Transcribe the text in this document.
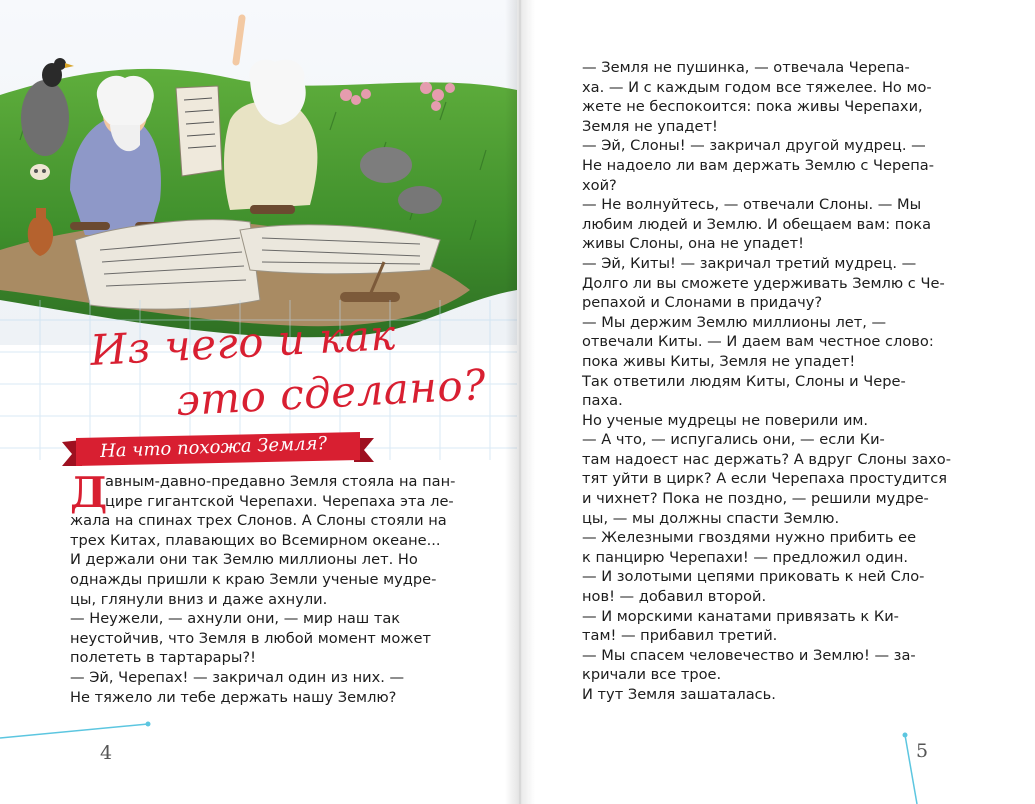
Из чего и как
это сделано?
На что похожа Земля?
Д
авным-давно-предавно Земля стояла на пан-
цире гигантской Черепахи. Черепаха эта ле-
жала на спинах трех Слонов. А Слоны стояли на
трех Китах, плавающих во Всемирном океане...
И держали они так Землю миллионы лет. Но
однажды пришли к краю Земли ученые мудре-
цы, глянули вниз и даже ахнули.
— Неужели, — ахнули они, — мир наш так
неустойчив, что Земля в любой момент может
полететь в тартарары?!
— Эй, Черепах! — закричал один из них. —
Не тяжело ли тебе держать нашу Землю?
4	5
— Земля не пушинка, — отвечала Черепа-
ха. — И с каждым годом все тяжелее. Но мо-
жете не беспокоится: пока живы Черепахи,
Земля не упадет!
— Эй, Слоны! — закричал другой мудрец. —
Не надоело ли вам держать Землю с Черепа-
хой?
— Не волнуйтесь, — отвечали Слоны. — Мы
любим людей и Землю. И обещаем вам: пока
живы Слоны, она не упадет!
— Эй, Киты! — закричал третий мудрец. —
Долго ли вы сможете удерживать Землю с Че-
репахой и Слонами в придачу?
— Мы держим Землю миллионы лет, —
отвечали Киты. — И даем вам честное слово:
пока живы Киты, Земля не упадет!
Так ответили людям Киты, Слоны и Чере-
паха.
Но ученые мудрецы не поверили им.
— А что, — испугались они, — если Ки-
там надоест нас держать? А вдруг Слоны захо-
тят уйти в цирк? А если Черепаха простудится
и чихнет? Пока не поздно, — решили мудре-
цы, — мы должны спасти Землю.
— Железными гвоздями нужно прибить ее
к панцирю Черепахи! — предложил один.
— И золотыми цепями приковать к ней Сло-
нов! — добавил второй.
— И морскими канатами привязать к Ки-
там! — прибавил третий.
— Мы спасем человечество и Землю! — за-
кричали все трое.
И тут Земля зашаталась.
